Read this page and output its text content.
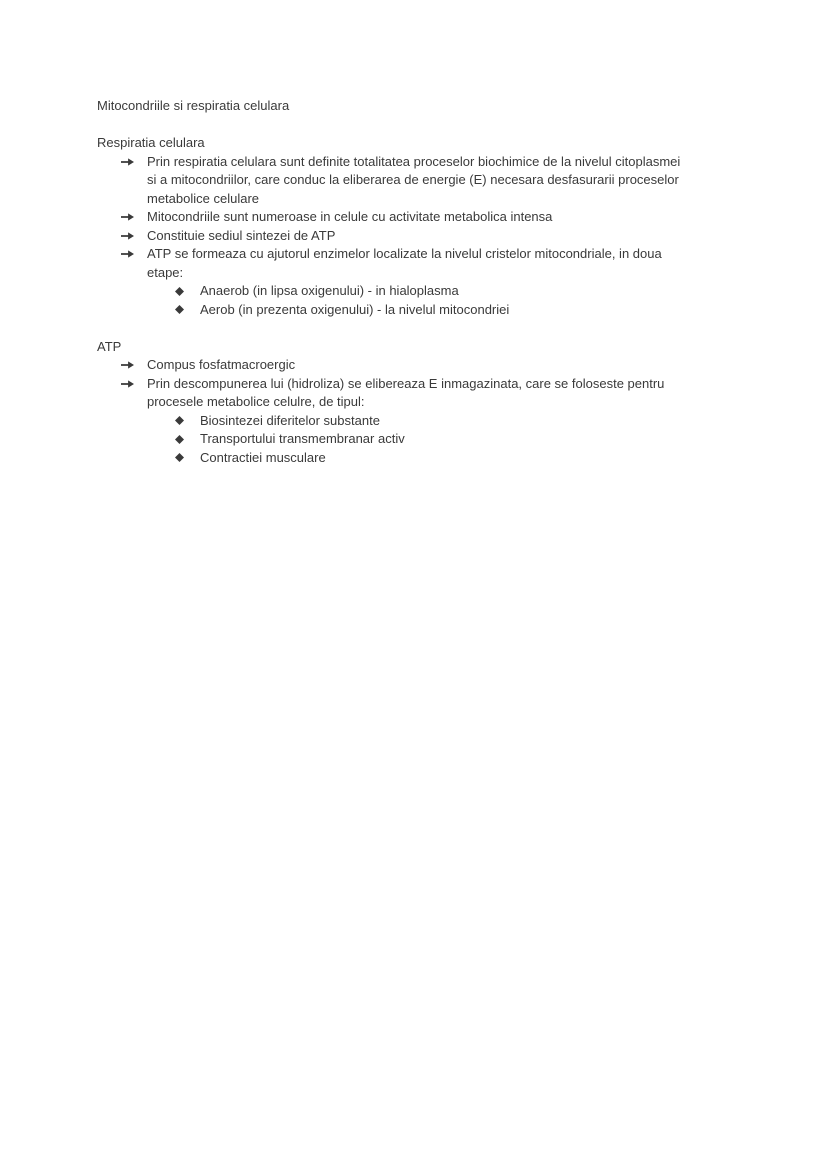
Mitocondriile si respiratia celulara
Respiratia celulara
Prin respiratia celulara sunt definite totalitatea proceselor biochimice de la nivelul citoplasmei
si a mitocondriilor, care conduc la eliberarea de energie (E) necesara desfasurarii proceselor
metabolice celulare
Mitocondriile sunt numeroase in celule cu activitate metabolica intensa
Constituie sediul sintezei de ATP
ATP se formeaza cu ajutorul enzimelor localizate la nivelul cristelor mitocondriale, in doua
etape:
Anaerob (in lipsa oxigenului) - in hialoplasma
Aerob (in prezenta oxigenului) - la nivelul mitocondriei
ATP
Compus fosfatmacroergic
Prin descompunerea lui (hidroliza) se elibereaza E inmagazinata, care se foloseste pentru
procesele metabolice celulre, de tipul:
Biosintezei diferitelor substante
Transportului transmembranar activ
Contractiei musculare
